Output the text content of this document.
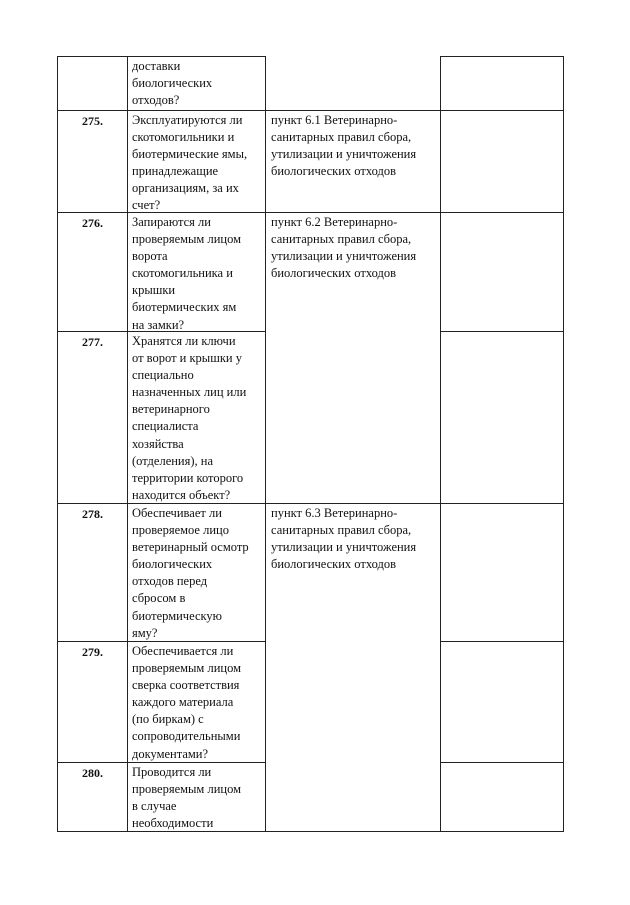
доставки
биологических
отходов?
275. Эксплуатируются ли
скотомогильники и
биотермические ямы,
принадлежащие
организациям, за их
счет?
пункт 6.1 Ветеринарно-
санитарных правил сбора,
утилизации и уничтожения
биологических отходов
276. Запираются ли
проверяемым лицом
ворота
скотомогильника и
крышки
биотермических ям
на замки?
пункт 6.2 Ветеринарно-
санитарных правил сбора,
утилизации и уничтожения
биологических отходов
277. Хранятся ли ключи
от ворот и крышки у
специально
назначенных лиц или
ветеринарного
специалиста
хозяйства
(отделения), на
территории которого
находится объект?
278. Обеспечивает ли
проверяемое лицо
ветеринарный осмотр
биологических
отходов перед
сбросом в
биотермическую
яму?
пункт 6.3 Ветеринарно-
санитарных правил сбора,
утилизации и уничтожения
биологических отходов
279. Обеспечивается ли
проверяемым лицом
сверка соответствия
каждого материала
(по биркам) с
сопроводительными
документами?
280. Проводится ли
проверяемым лицом
в случае
необходимости
